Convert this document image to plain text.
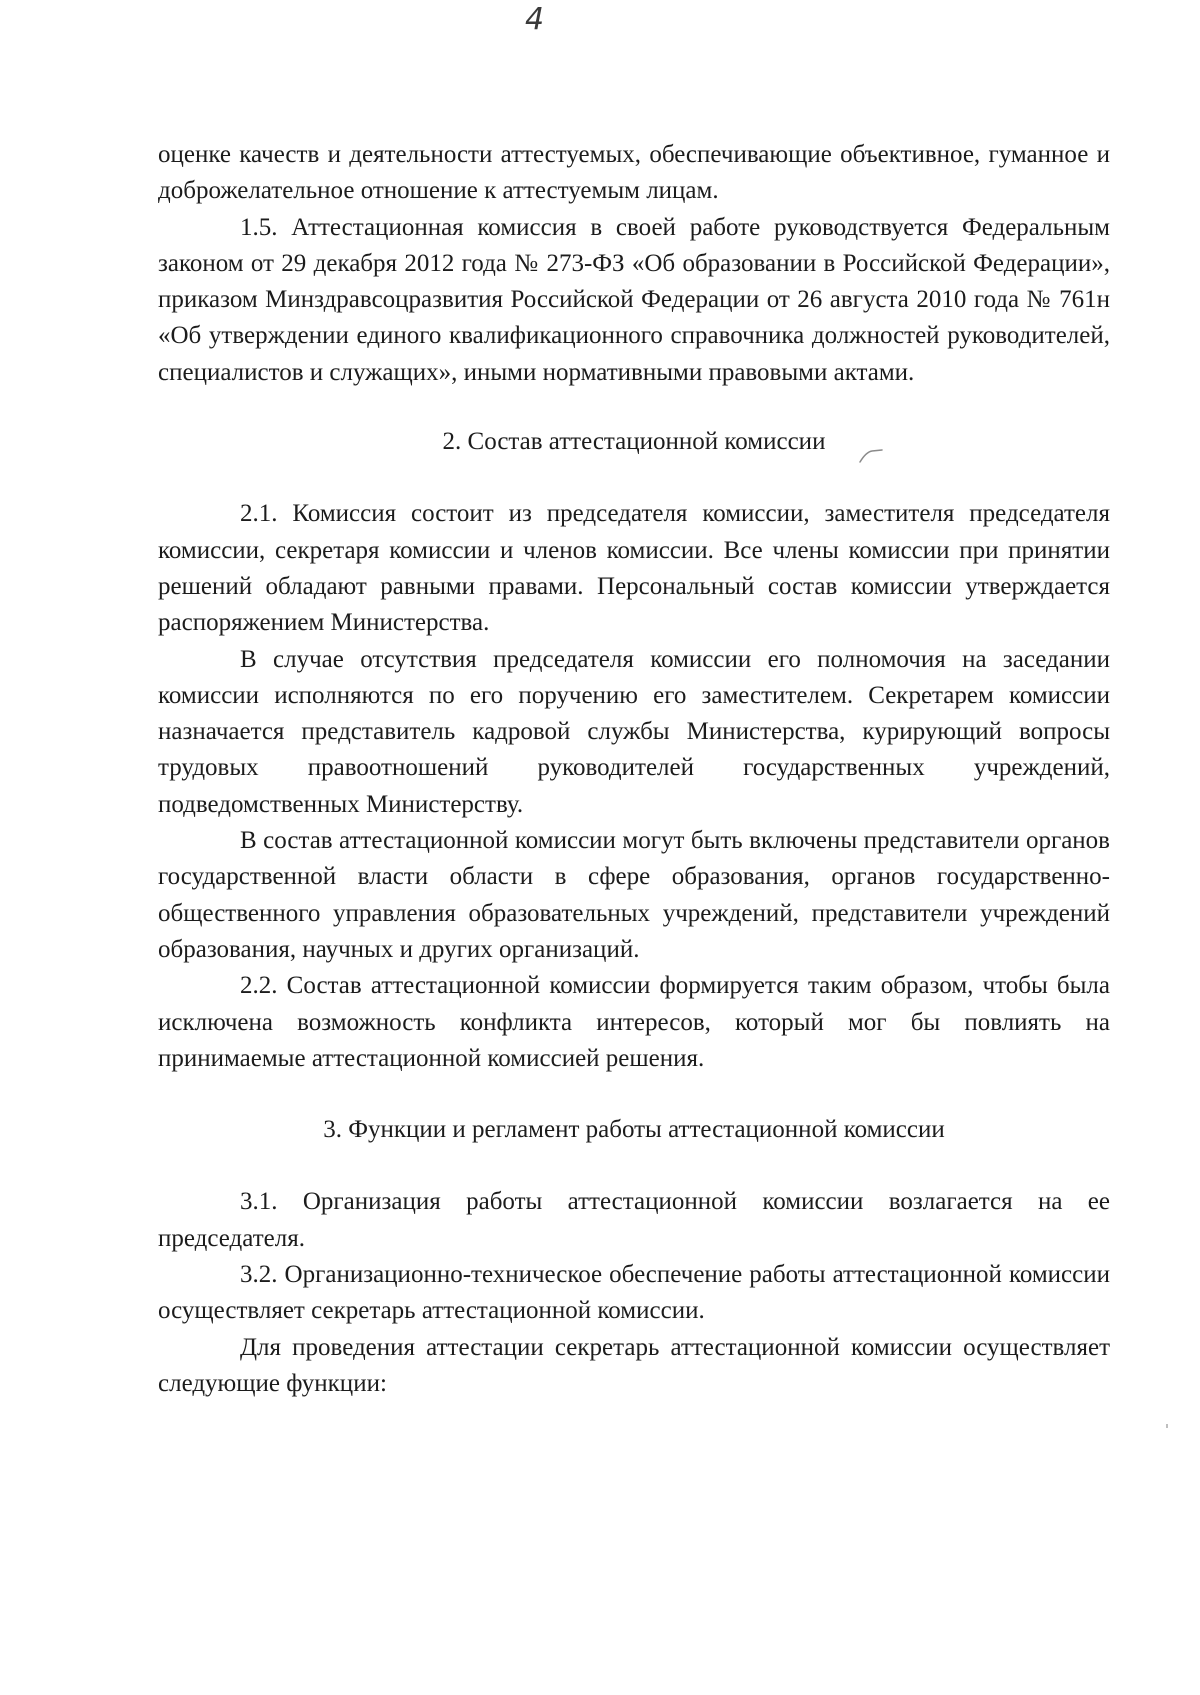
4

оценке качеств и деятельности аттестуемых, обеспечивающие объективное, гуманное и доброжелательное отношение к аттестуемым лицам.

1.5. Аттестационная комиссия в своей работе руководствуется Федеральным законом от 29 декабря 2012 года № 273-ФЗ «Об образовании в Российской Федерации», приказом Минздравсоцразвития Российской Федерации от 26 августа 2010 года № 761н «Об утверждении единого квалификационного справочника должностей руководителей, специалистов и служащих», иными нормативными правовыми актами.

2. Состав аттестационной комиссии

2.1. Комиссия состоит из председателя комиссии, заместителя председателя комиссии, секретаря комиссии и членов комиссии. Все члены комиссии при принятии решений обладают равными правами. Персональный состав комиссии утверждается распоряжением Министерства.

В случае отсутствия председателя комиссии его полномочия на заседании комиссии исполняются по его поручению его заместителем. Секретарем комиссии назначается представитель кадровой службы Министерства, курирующий вопросы трудовых правоотношений руководителей государственных учреждений, подведомственных Министерству.

В состав аттестационной комиссии могут быть включены представители органов государственной власти области в сфере образования, органов государственно-общественного управления образовательных учреждений, представители учреждений образования, научных и других организаций.

2.2. Состав аттестационной комиссии формируется таким образом, чтобы была исключена возможность конфликта интересов, который мог бы повлиять на принимаемые аттестационной комиссией решения.

3. Функции и регламент работы аттестационной комиссии

3.1. Организация работы аттестационной комиссии возлагается на ее председателя.

3.2. Организационно-техническое обеспечение работы аттестационной комиссии осуществляет секретарь аттестационной комиссии.

Для проведения аттестации секретарь аттестационной комиссии осуществляет следующие функции:
